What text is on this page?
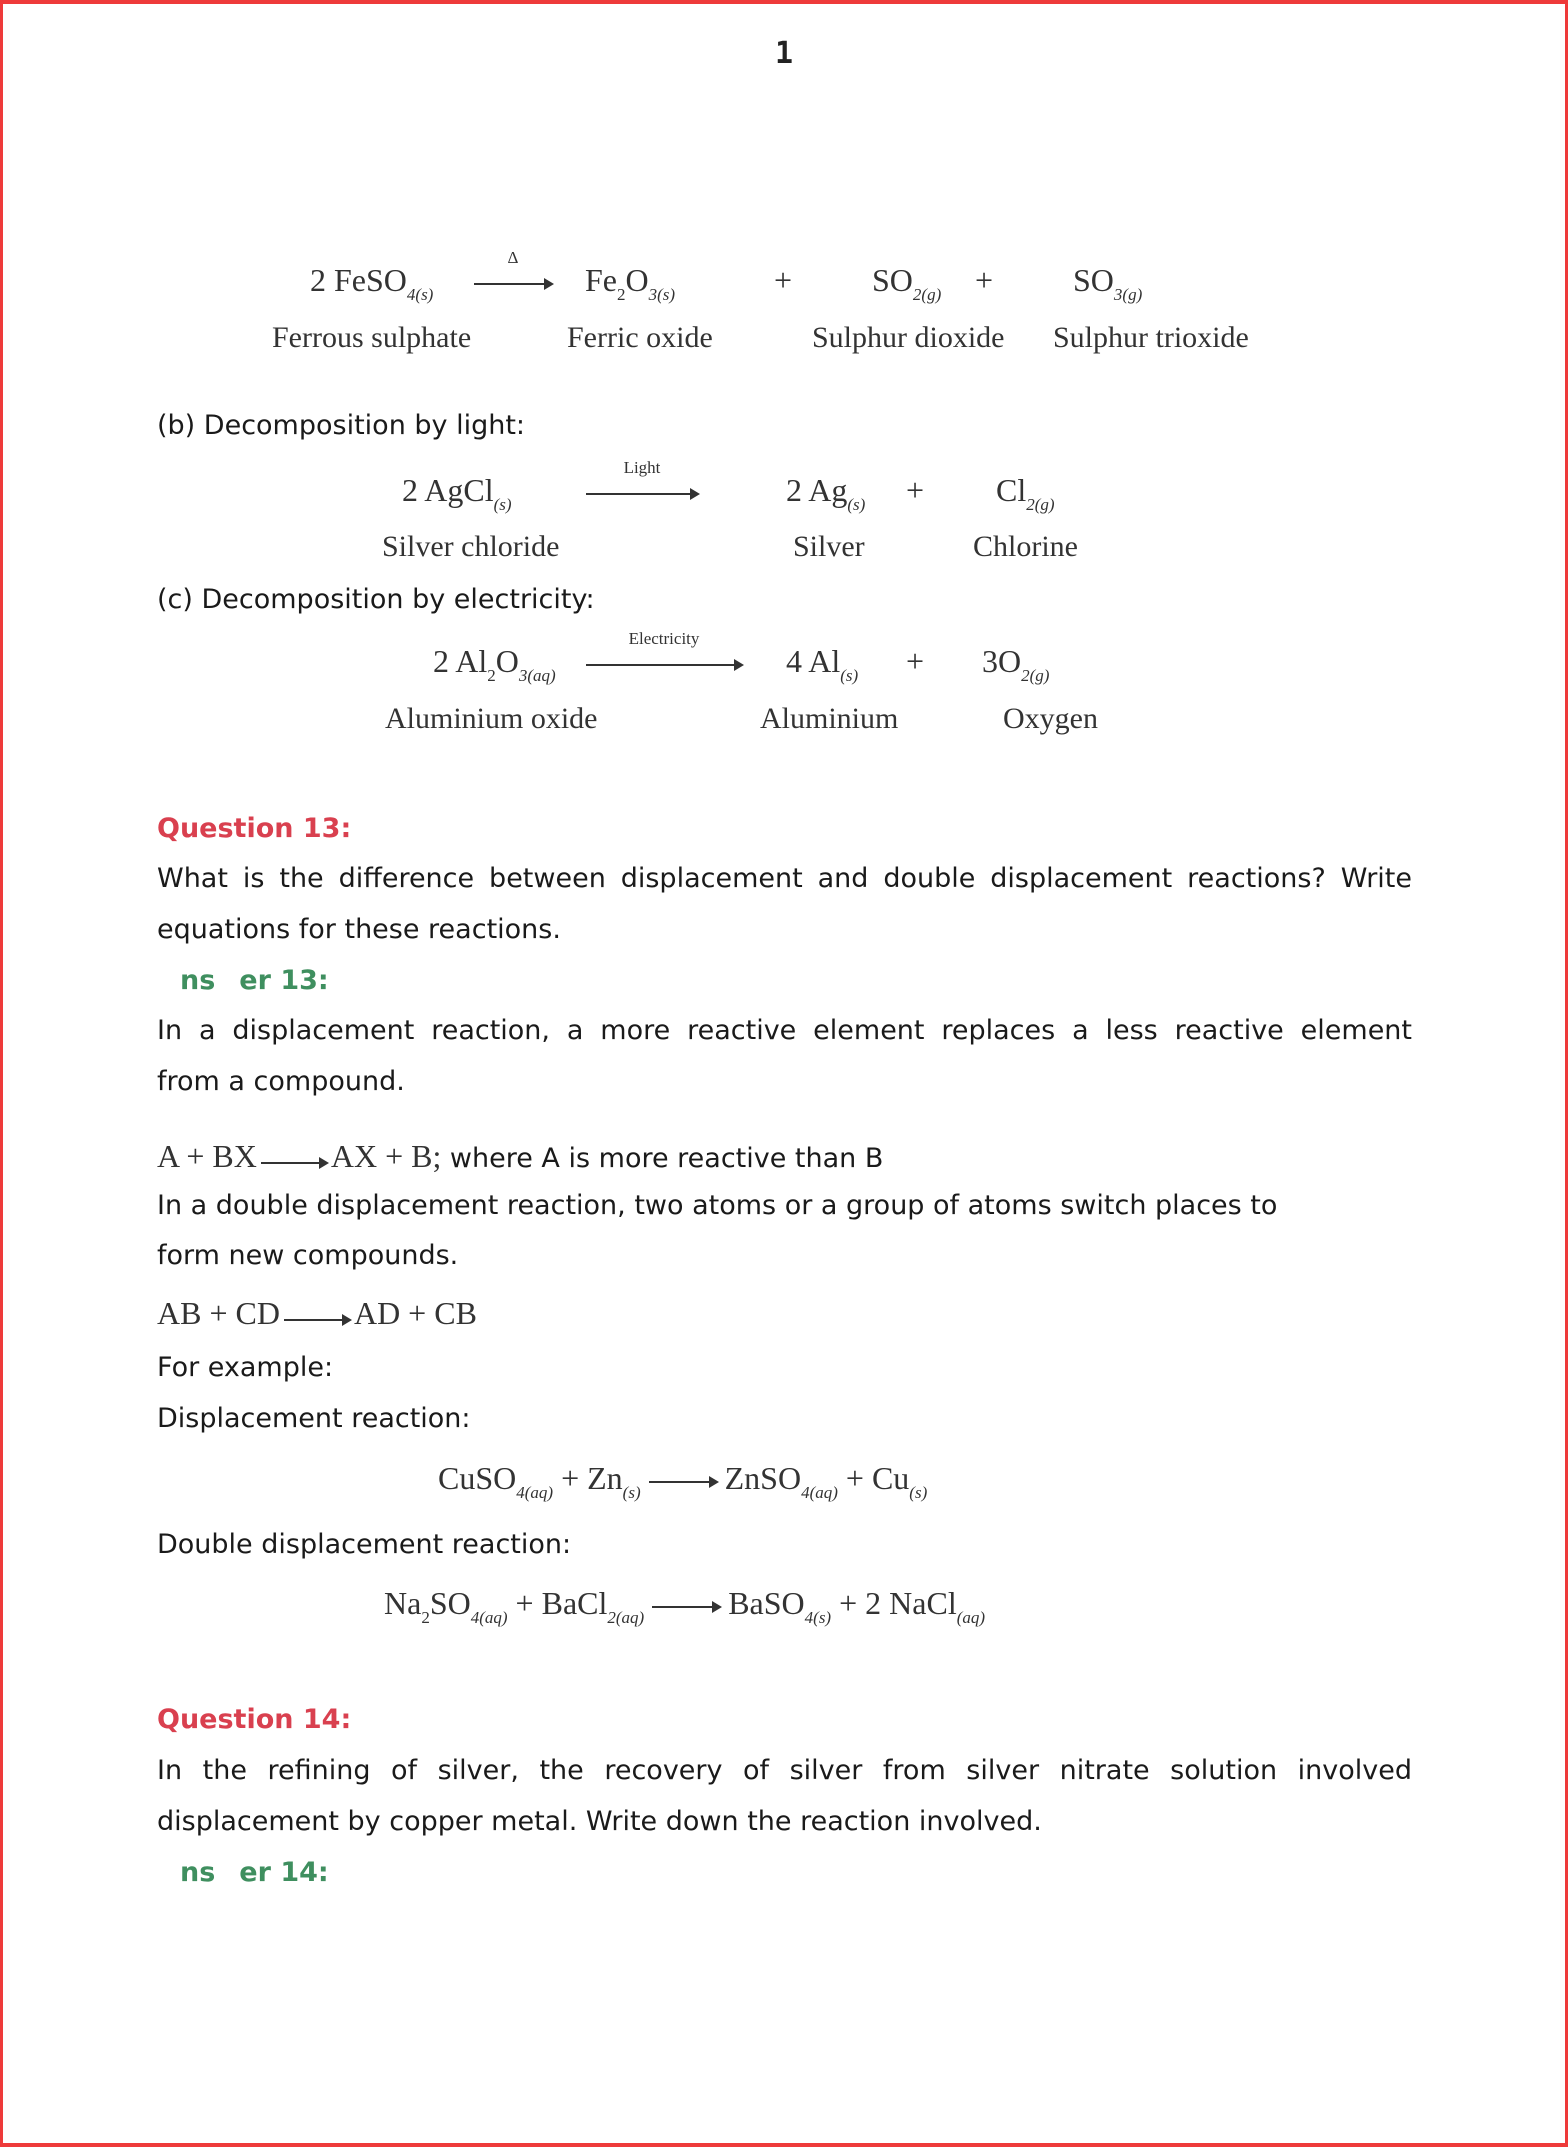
1
2 FeSO$_{4(s)}$
Δ
$Fe_2O_{3(s)}$	+ $SO_{2(g)} + SO_{3(g)}$
Ferrous sulphate	Ferric oxide	Sulphur dioxide Sulphur trioxide
(b) Decomposition by light:
2 AgCl$_{(s)}$
Light
2 $Ag_{(s)} + Cl_{2(g)}$
Silver chloride	Silver	Chlorine
(c) Decomposition by electricity:
2 $Al_2O_{3(aq)}$
Electricity
4 $Al_{(s)} + 3O_{2(g)}$
Aluminium oxide	Aluminium	Oxygen
Question 13:
What is the difference between displacement and double displacement reactions? Write
equations for these reactions.
ns er 13:
In a displacement reaction, a more reactive element replaces a less reactive element
from a compound.
A + BX AX + B; where A is more reactive than B
In a double displacement reaction, two atoms or a group of atoms switch places to
form new compounds.
AB + CD AD + CB
For example:
Displacement reaction:
CuSO$_{4(aq)}$ + $Zn_{(s)}$ → ZnSO$_{4(aq)}$ + $Cu_{(s)}$
Double displacement reaction:
$Na_2SO_{4(aq)}$ + BaCl$_{2(aq)}$ → BaSO$_{4(s)}$ + 2 NaCl$_{(aq)}$
Question 14:
In the refining of silver, the recovery of silver from silver nitrate solution involved
displacement by copper metal. Write down the reaction involved.
ns er 14:
